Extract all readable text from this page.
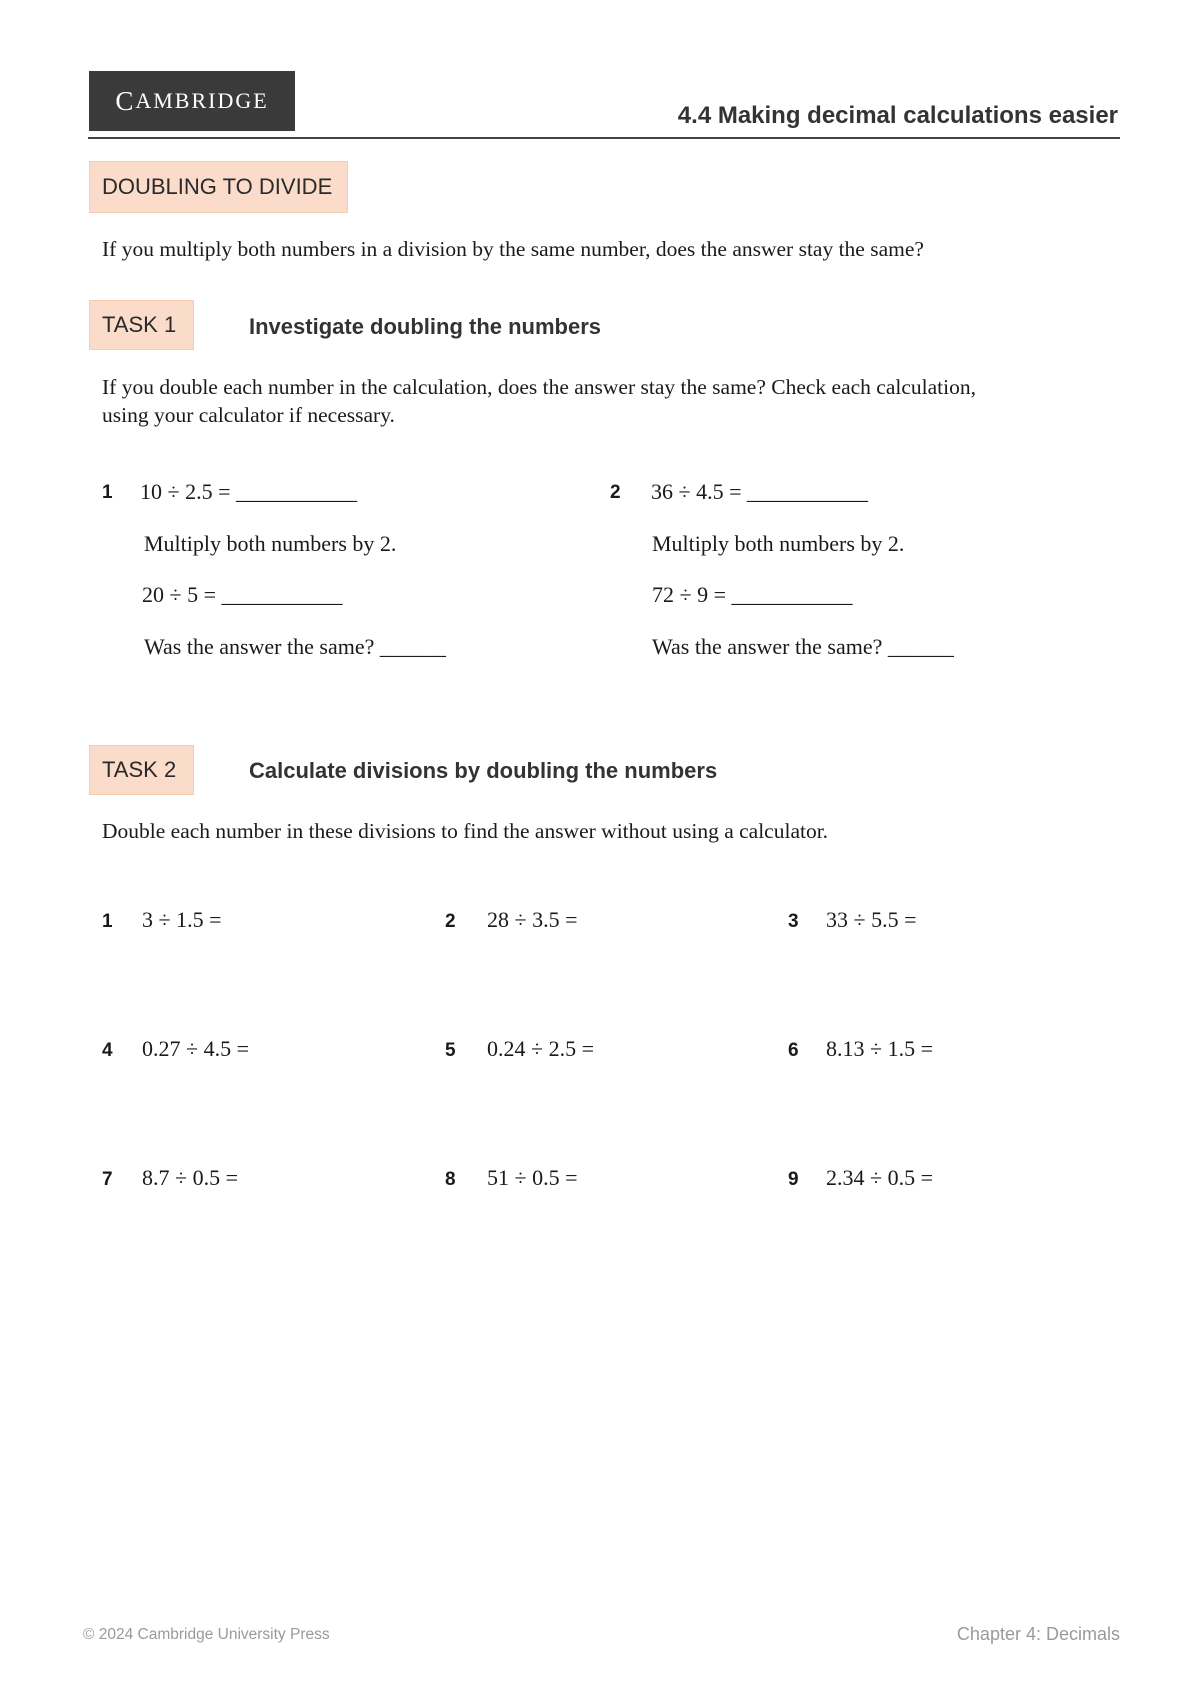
C AMBRIDGE
4.4 Making decimal calculations easier
DOUBLING TO DIVIDE
If you multiply both numbers in a division by the same number, does the answer stay the same?
TASK 1	Investigate doubling the numbers
If you double each number in the calculation, does the answer stay the same? Check each calculation,
using your calculator if necessary.
1 10 ÷ 2.5 = ___________
Multiply both numbers by 2.
20 ÷ 5 = ___________
Was the answer the same? ______
2 36 ÷ 4.5 = ___________
Multiply both numbers by 2.
72 ÷ 9 = ___________
Was the answer the same? ______
TASK 2	Calculate divisions by doubling the numbers
Double each number in these divisions to find the answer without using a calculator.
1 3 ÷ 1.5 =	2 28 ÷ 3.5 =	3 33 ÷ 5.5 =
4 0.27 ÷ 4.5 =	5 0.24 ÷ 2.5 =	6 8.13 ÷ 1.5 =
7 8.7 ÷ 0.5 =	8 51 ÷ 0.5 =	9 2.34 ÷ 0.5 =
© 2024 Cambridge University Press	Chapter 4: Decimals
